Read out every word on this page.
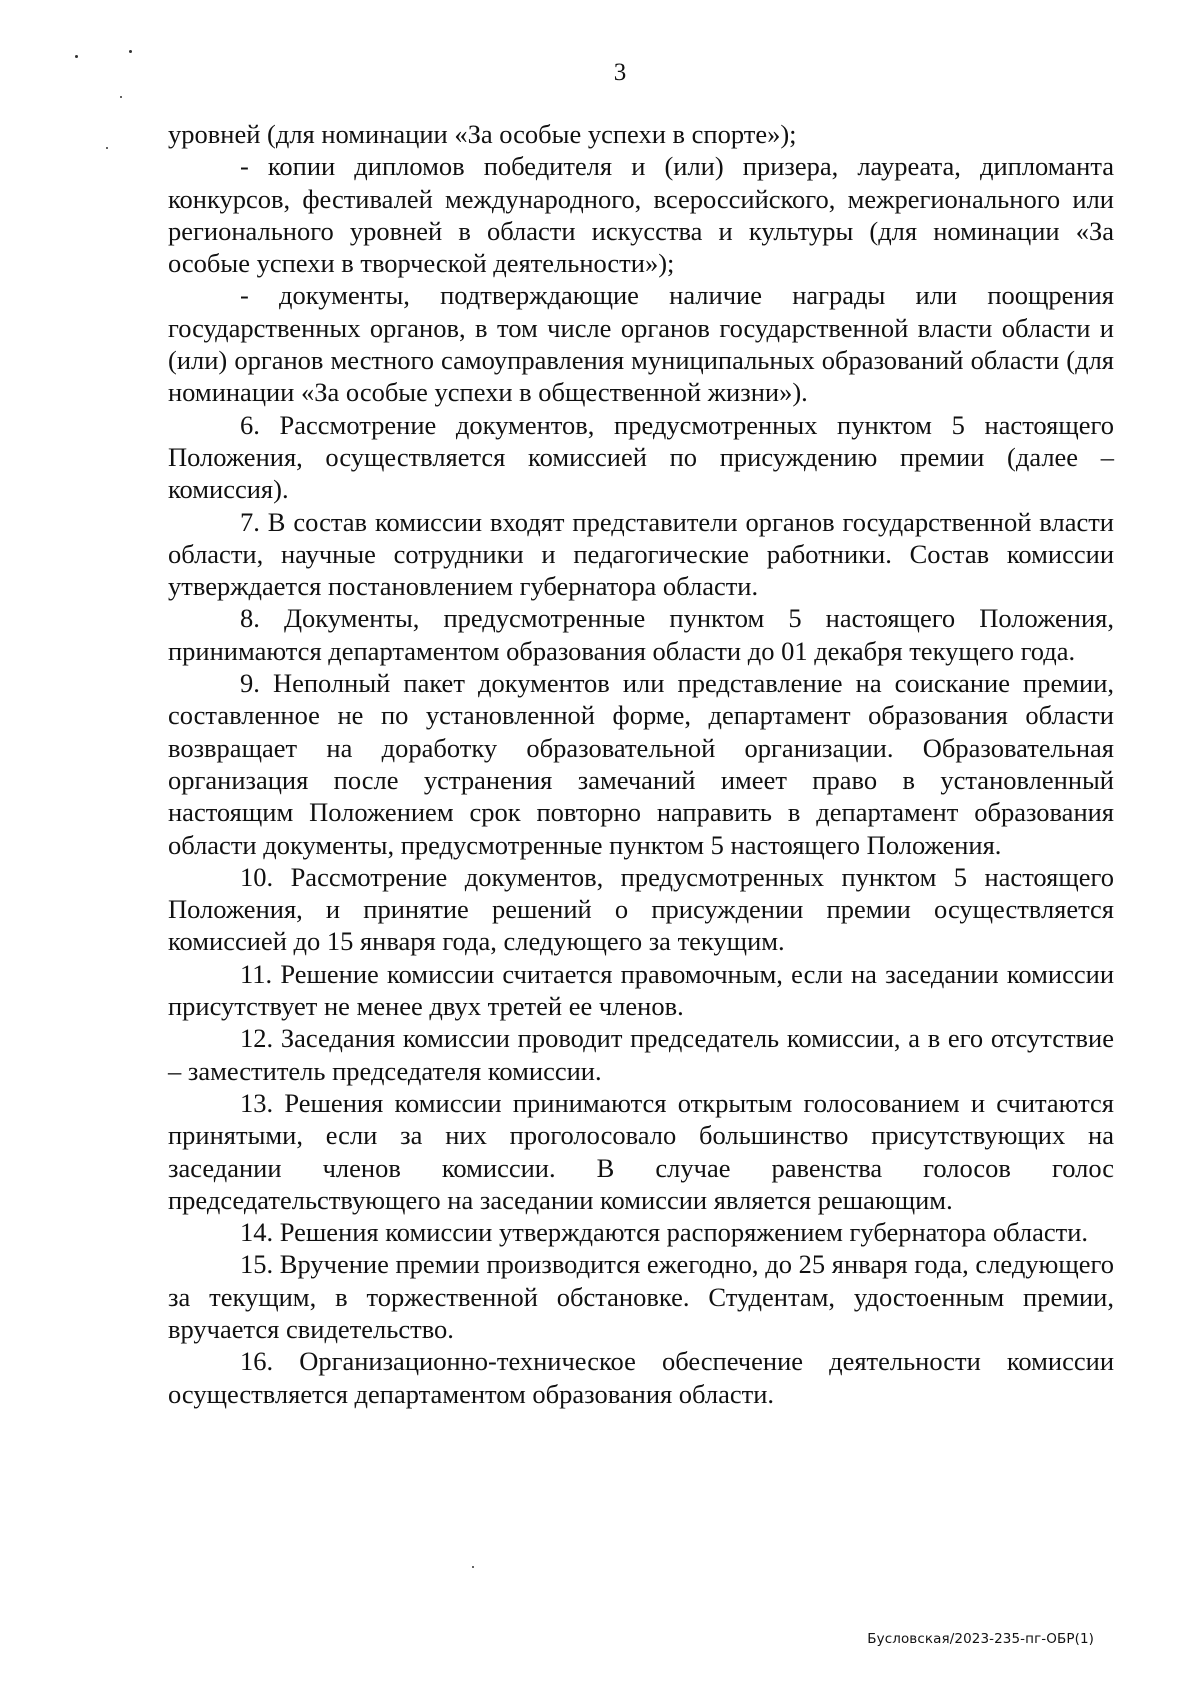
3

уровней (для номинации «За особые успехи в спорте»);

- копии дипломов победителя и (или) призера, лауреата, дипломанта конкурсов, фестивалей международного, всероссийского, межрегионального или регионального уровней в области искусства и культуры (для номинации «За особые успехи в творческой деятельности»);

- документы, подтверждающие наличие награды или поощрения государственных органов, в том числе органов государственной власти области и (или) органов местного самоуправления муниципальных образований области (для номинации «За особые успехи в общественной жизни»).

6. Рассмотрение документов, предусмотренных пунктом 5 настоящего Положения, осуществляется комиссией по присуждению премии (далее – комиссия).

7. В состав комиссии входят представители органов государственной власти области, научные сотрудники и педагогические работники. Состав комиссии утверждается постановлением губернатора области.

8. Документы, предусмотренные пунктом 5 настоящего Положения, принимаются департаментом образования области до 01 декабря текущего года.

9. Неполный пакет документов или представление на соискание премии, составленное не по установленной форме, департамент образования области возвращает на доработку образовательной организации. Образовательная организация после устранения замечаний имеет право в установленный настоящим Положением срок повторно направить в департамент образования области документы, предусмотренные пунктом 5 настоящего Положения.

10. Рассмотрение документов, предусмотренных пунктом 5 настоящего Положения, и принятие решений о присуждении премии осуществляется комиссией до 15 января года, следующего за текущим.

11. Решение комиссии считается правомочным, если на заседании комиссии присутствует не менее двух третей ее членов.

12. Заседания комиссии проводит председатель комиссии, а в его отсутствие – заместитель председателя комиссии.

13. Решения комиссии принимаются открытым голосованием и считаются принятыми, если за них проголосовало большинство присутствующих на заседании членов комиссии. В случае равенства голосов голос председательствующего на заседании комиссии является решающим.

14. Решения комиссии утверждаются распоряжением губернатора области.

15. Вручение премии производится ежегодно, до 25 января года, следующего за текущим, в торжественной обстановке. Студентам, удостоенным премии, вручается свидетельство.

16. Организационно-техническое обеспечение деятельности комиссии осуществляется департаментом образования области.

Бусловская/2023-235-пг-ОБР(1)
